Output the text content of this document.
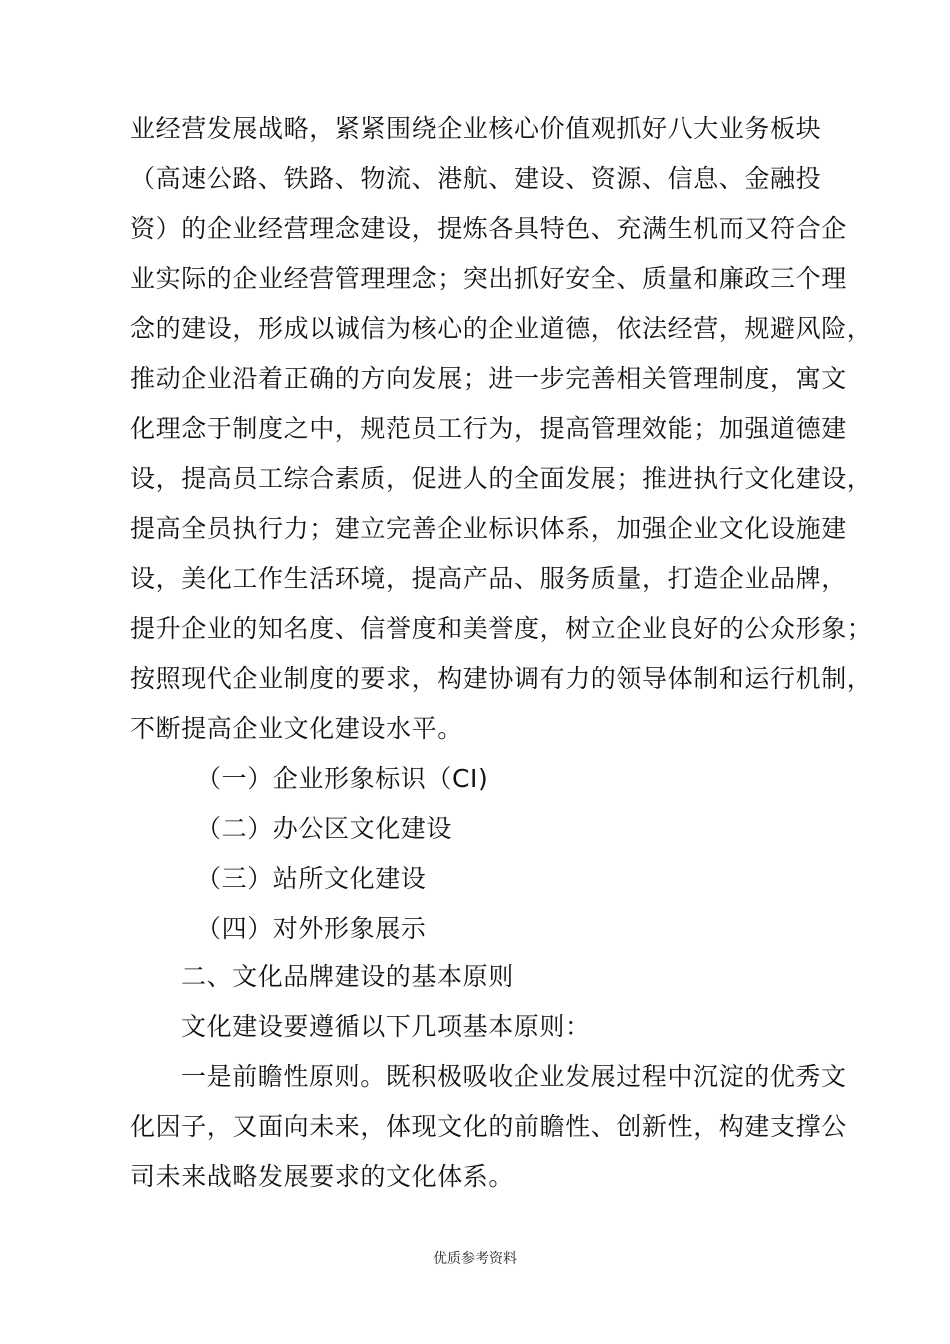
业经营发展战略，紧紧围绕企业核心价值观抓好八大业务板块
（高速公路、铁路、物流、港航、建设、资源、信息、金融投
资）的企业经营理念建设，提炼各具特色、充满生机而又符合企
业实际的企业经营管理理念；突出抓好安全、质量和廉政三个理
念的建设，形成以诚信为核心的企业道德，依法经营，规避风险，
推动企业沿着正确的方向发展；进一步完善相关管理制度，寓文
化理念于制度之中，规范员工行为，提高管理效能；加强道德建
设，提高员工综合素质，促进人的全面发展；推进执行文化建设，
提高全员执行力；建立完善企业标识体系，加强企业文化设施建
设，美化工作生活环境，提高产品、服务质量，打造企业品牌，
提升企业的知名度、信誉度和美誉度，树立企业良好的公众形象；
按照现代企业制度的要求，构建协调有力的领导体制和运行机制，
不断提高企业文化建设水平。
（一）企业形象标识（CI)
（二）办公区文化建设
（三）站所文化建设
（四）对外形象展示
二、文化品牌建设的基本原则
文化建设要遵循以下几项基本原则：
一是前瞻性原则。既积极吸收企业发展过程中沉淀的优秀文
化因子，又面向未来，体现文化的前瞻性、创新性，构建支撑公
司未来战略发展要求的文化体系。
优质参考资料
